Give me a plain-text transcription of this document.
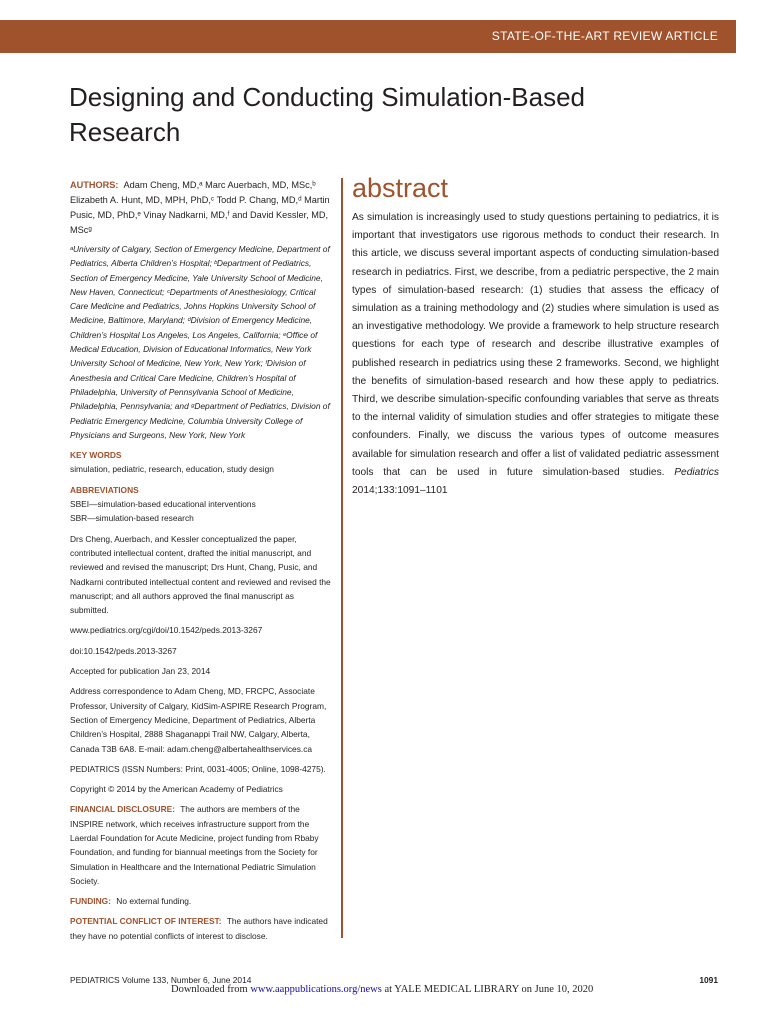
STATE-OF-THE-ART REVIEW ARTICLE
Designing and Conducting Simulation-Based Research

AUTHORS: Adam Cheng, MD,ᵃ Marc Auerbach, MD, MSc,ᵇ Elizabeth A. Hunt, MD, MPH, PhD,ᶜ Todd P. Chang, MD,ᵈ Martin Pusic, MD, PhD,ᵉ Vinay Nadkarni, MD,ᶠ and David Kessler, MD, MScᵍ

ᵃUniversity of Calgary, Section of Emergency Medicine, Department of Pediatrics, Alberta Children’s Hospital; ᵇDepartment of Pediatrics, Section of Emergency Medicine, Yale University School of Medicine, New Haven, Connecticut; ᶜDepartments of Anesthesiology, Critical Care Medicine and Pediatrics, Johns Hopkins University School of Medicine, Baltimore, Maryland; ᵈDivision of Emergency Medicine, Children’s Hospital Los Angeles, Los Angeles, California; ᵉOffice of Medical Education, Division of Educational Informatics, New York University School of Medicine, New York, New York; ᶠDivision of Anesthesia and Critical Care Medicine, Children’s Hospital of Philadelphia, University of Pennsylvania School of Medicine, Philadelphia, Pennsylvania; and ᵍDepartment of Pediatrics, Division of Pediatric Emergency Medicine, Columbia University College of Physicians and Surgeons, New York, New York

KEY WORDS
simulation, pediatric, research, education, study design

ABBREVIATIONS
SBEI—simulation-based educational interventions
SBR—simulation-based research

Drs Cheng, Auerbach, and Kessler conceptualized the paper, contributed intellectual content, drafted the initial manuscript, and reviewed and revised the manuscript; Drs Hunt, Chang, Pusic, and Nadkarni contributed intellectual content and reviewed and revised the manuscript; and all authors approved the final manuscript as submitted.

www.pediatrics.org/cgi/doi/10.1542/peds.2013-3267

doi:10.1542/peds.2013-3267

Accepted for publication Jan 23, 2014

Address correspondence to Adam Cheng, MD, FRCPC, Associate Professor, University of Calgary, KidSim-ASPIRE Research Program, Section of Emergency Medicine, Department of Pediatrics, Alberta Children’s Hospital, 2888 Shaganappi Trail NW, Calgary, Alberta, Canada T3B 6A8. E-mail: adam.cheng@albertahealthservices.ca

PEDIATRICS (ISSN Numbers: Print, 0031-4005; Online, 1098-4275).

Copyright © 2014 by the American Academy of Pediatrics

FINANCIAL DISCLOSURE: The authors are members of the INSPIRE network, which receives infrastructure support from the Laerdal Foundation for Acute Medicine, project funding from Rbaby Foundation, and funding for biannual meetings from the Society for Simulation in Healthcare and the International Pediatric Simulation Society.

FUNDING: No external funding.

POTENTIAL CONFLICT OF INTEREST: The authors have indicated they have no potential conflicts of interest to disclose.

abstract
As simulation is increasingly used to study questions pertaining to pediatrics, it is important that investigators use rigorous methods to conduct their research. In this article, we discuss several important aspects of conducting simulation-based research in pediatrics. First, we describe, from a pediatric perspective, the 2 main types of simulation-based research: (1) studies that assess the efficacy of simulation as a training methodology and (2) studies where simulation is used as an investigative methodology. We provide a framework to help structure research questions for each type of research and describe illustrative examples of published research in pediatrics using these 2 frameworks. Second, we highlight the benefits of simulation-based research and how these apply to pediatrics. Third, we describe simulation-specific confounding variables that serve as threats to the internal validity of simulation studies and offer strategies to mitigate these confounders. Finally, we discuss the various types of outcome measures available for simulation research and offer a list of validated pediatric assessment tools that can be used in future simulation-based studies. Pediatrics 2014;133:1091–1101
PEDIATRICS Volume 133, Number 6, June 2014	1091
Downloaded from www.aappublications.org/news at YALE MEDICAL LIBRARY on June 10, 2020
